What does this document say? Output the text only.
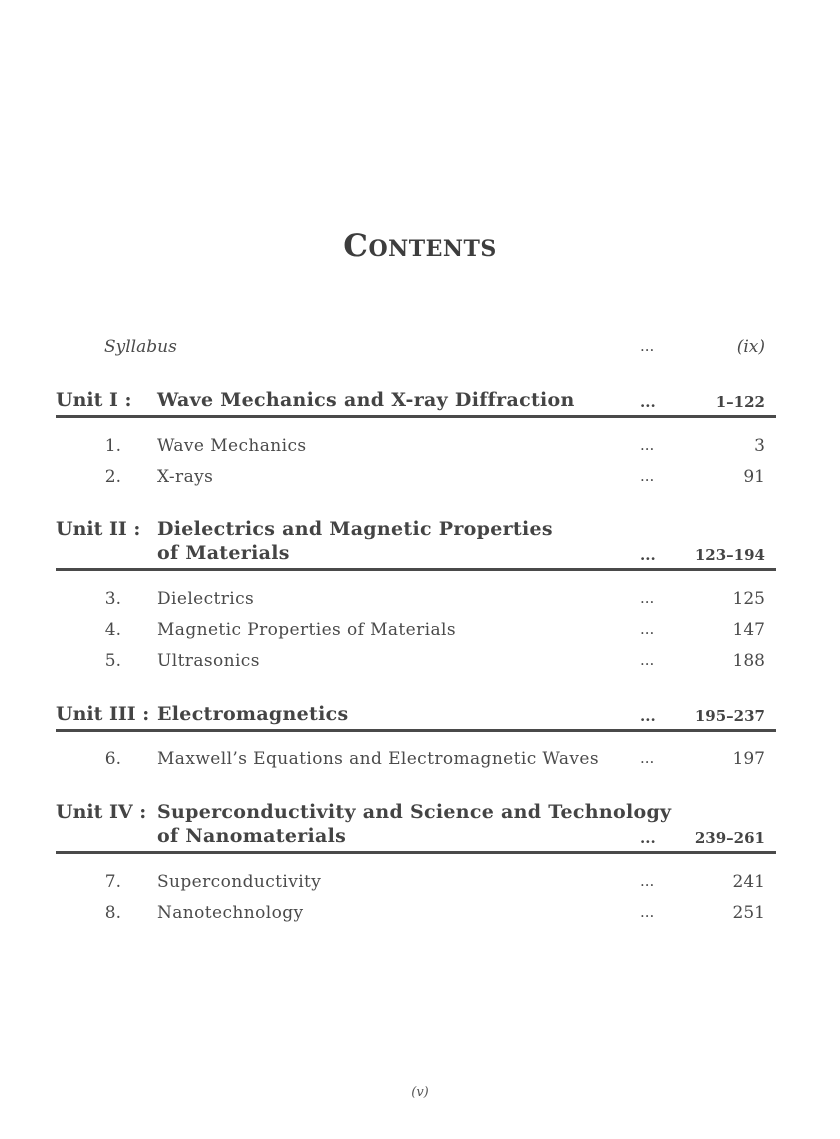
Contents
Syllabus	...	(ix)
Unit I : Wave Mechanics and X-ray Diffraction	...	1–122
1. Wave Mechanics	...	3
2. X-rays	...	91
Unit II : Dielectrics and Magnetic Properties
of Materials	...	123–194
3. Dielectrics	...	125
4. Magnetic Properties of Materials	...	147
5. Ultrasonics	...	188
Unit III : Electromagnetics	...	195–237
6. Maxwell’s Equations and Electromagnetic Waves	...	197
Unit IV : Superconductivity and Science and Technology
of Nanomaterials	...	239–261
7. Superconductivity	...	241
8. Nanotechnology	...	251
(v)
